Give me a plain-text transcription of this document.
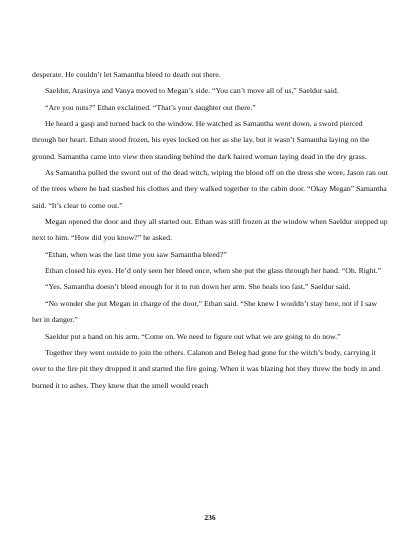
desperate. He couldn’t let Samantha bleed to death out there.

Saeldur, Arasinya and Vanya moved to Megan’s side. “You can’t move all of us,” Saeldur said.

“Are you nuts?” Ethan exclaimed. “That’s your daughter out there.”

He heard a gasp and turned back to the window. He watched as Samantha went down, a sword pierced through her heart. Ethan stood frozen, his eyes locked on her as she lay, but it wasn’t Samantha laying on the ground. Samantha came into view then standing behind the dark haired woman laying dead in the dry grass.

As Samantha pulled the sword out of the dead witch, wiping the blood off on the dress she wore, Jason ran out of the trees where he had stashed his clothes and they walked together to the cabin door. “Okay Megan” Samantha said. “It’s clear to come out.”

Megan opened the door and they all started out. Ethan was still frozen at the window when Saeldur stepped up next to him. “How did you know?” he asked.

“Ethan, when was the last time you saw Samantha bleed?”

Ethan closed his eyes. He’d only seen her bleed once, when she put the glass through her hand. “Oh. Right.”

“Yes. Samantha doesn’t bleed enough for it to run down her arm. She heals too fast,” Saeldur said.

“No wonder she put Megan in charge of the door,” Ethan said. “She knew I wouldn’t stay here, not if I saw her in danger.”

Saeldur put a hand on his arm. “Come on. We need to figure out what we are going to do now.”

Together they went outside to join the others. Calanon and Beleg had gone for the witch’s body, carrying it over to the fire pit they dropped it and started the fire going. When it was blazing hot they threw the body in and burned it to ashes. They knew that the smell would reach

236
